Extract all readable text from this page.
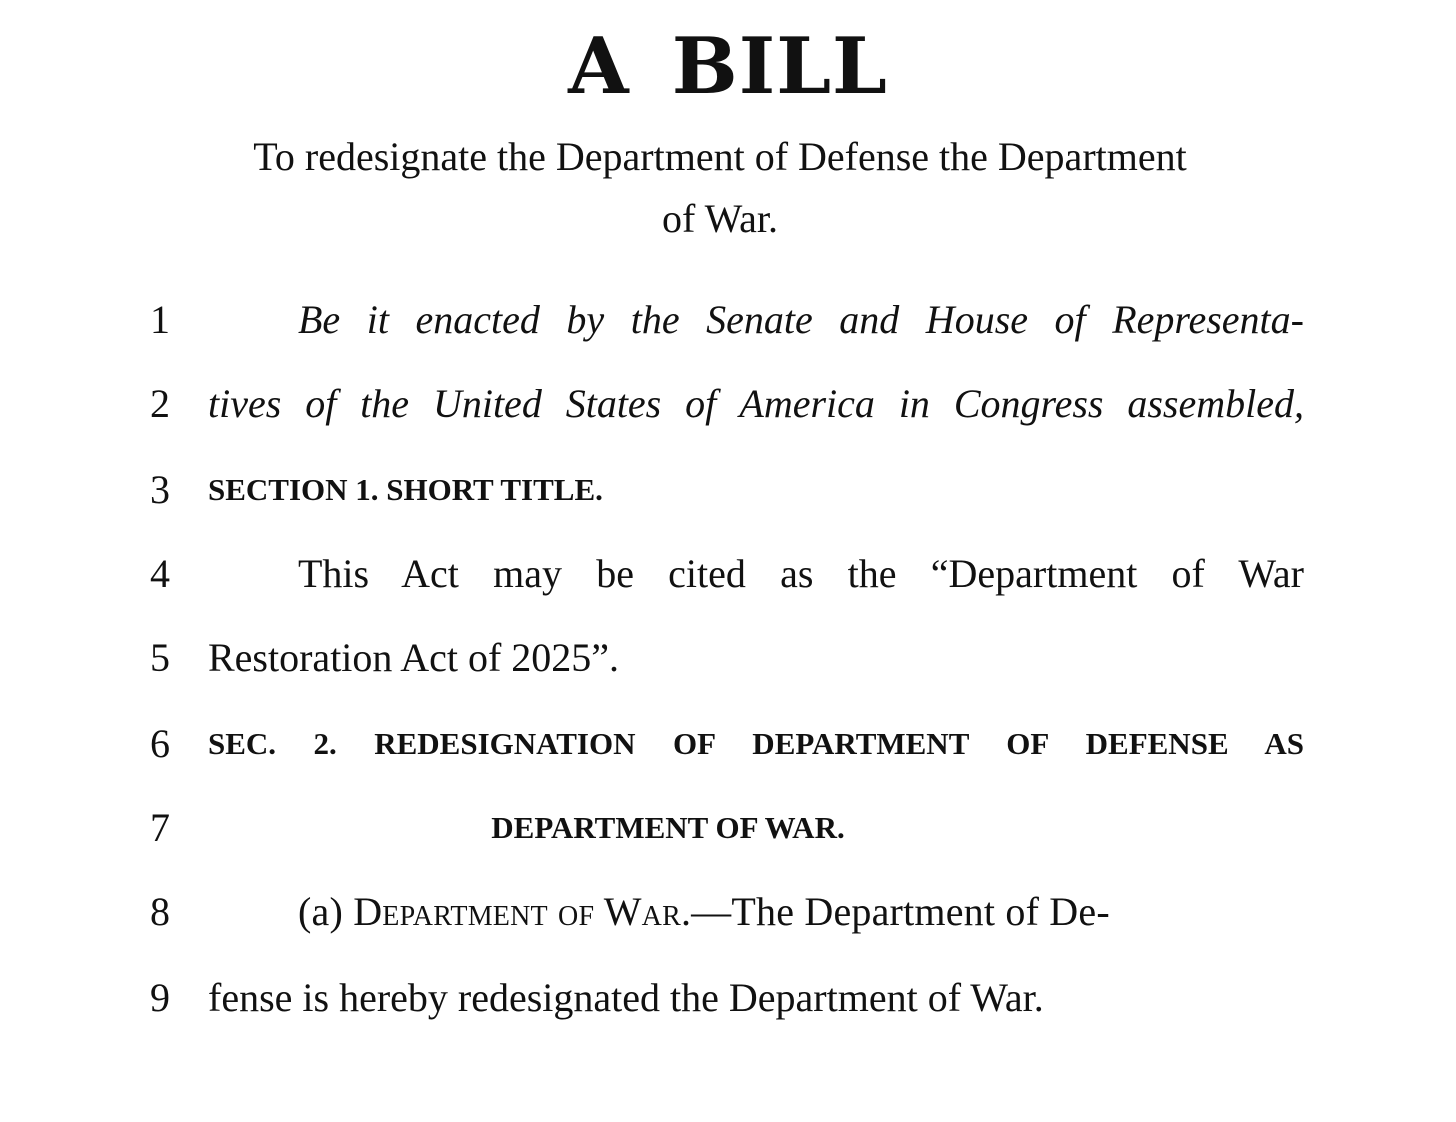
A BILL
To redesignate the Department of Defense the Department
of War.
1	Be it enacted by the Senate and House of Representa-
2 tives of the United States of America in Congress assembled,
3	SECTION 1. SHORT TITLE.
4	This Act may be cited as the “Department of War
5 Restoration Act of 2025”.
6	SEC. 2. REDESIGNATION OF DEPARTMENT OF DEFENSE AS
7	DEPARTMENT OF WAR.
8	(a) Department of War.—The Department of De-
9 fense is hereby redesignated the Department of War.
